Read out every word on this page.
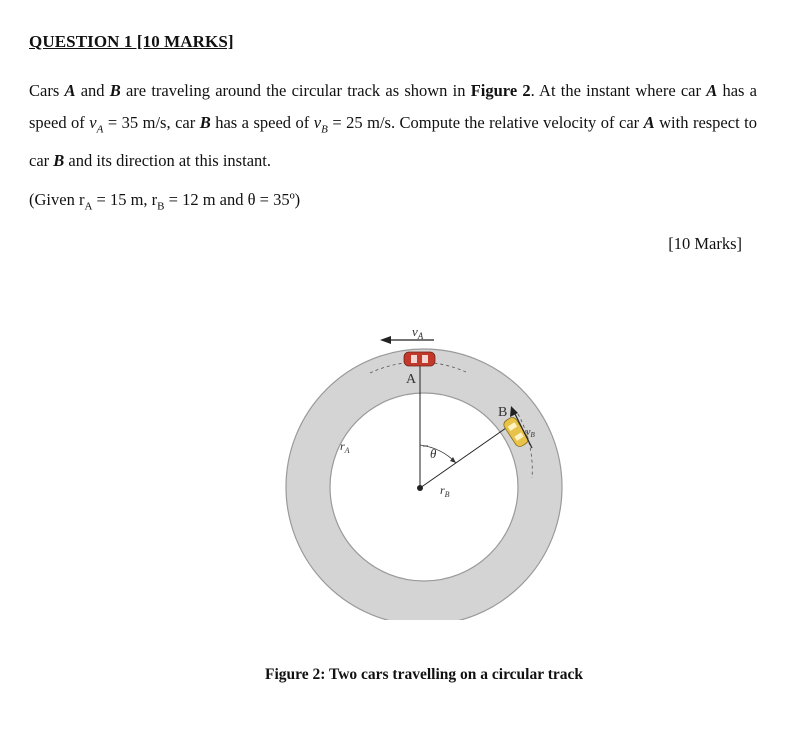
QUESTION 1 [10 MARKS]
Cars A and B are traveling around the circular track as shown in Figure 2. At the instant where car A has a speed of $v_A = 35$ m/s, car B has a speed of $v_B = 25$ m/s. Compute the relative velocity of car A with respect to car B and its direction at this instant.
(Given $r_A = 15$ m, $r_B = 12$ m and θ = 35º)
[10 Marks]
$v_A$
A
B
$v_B$
$r_A$
$r_B$
θ
Figure 2: Two cars travelling on a circular track
